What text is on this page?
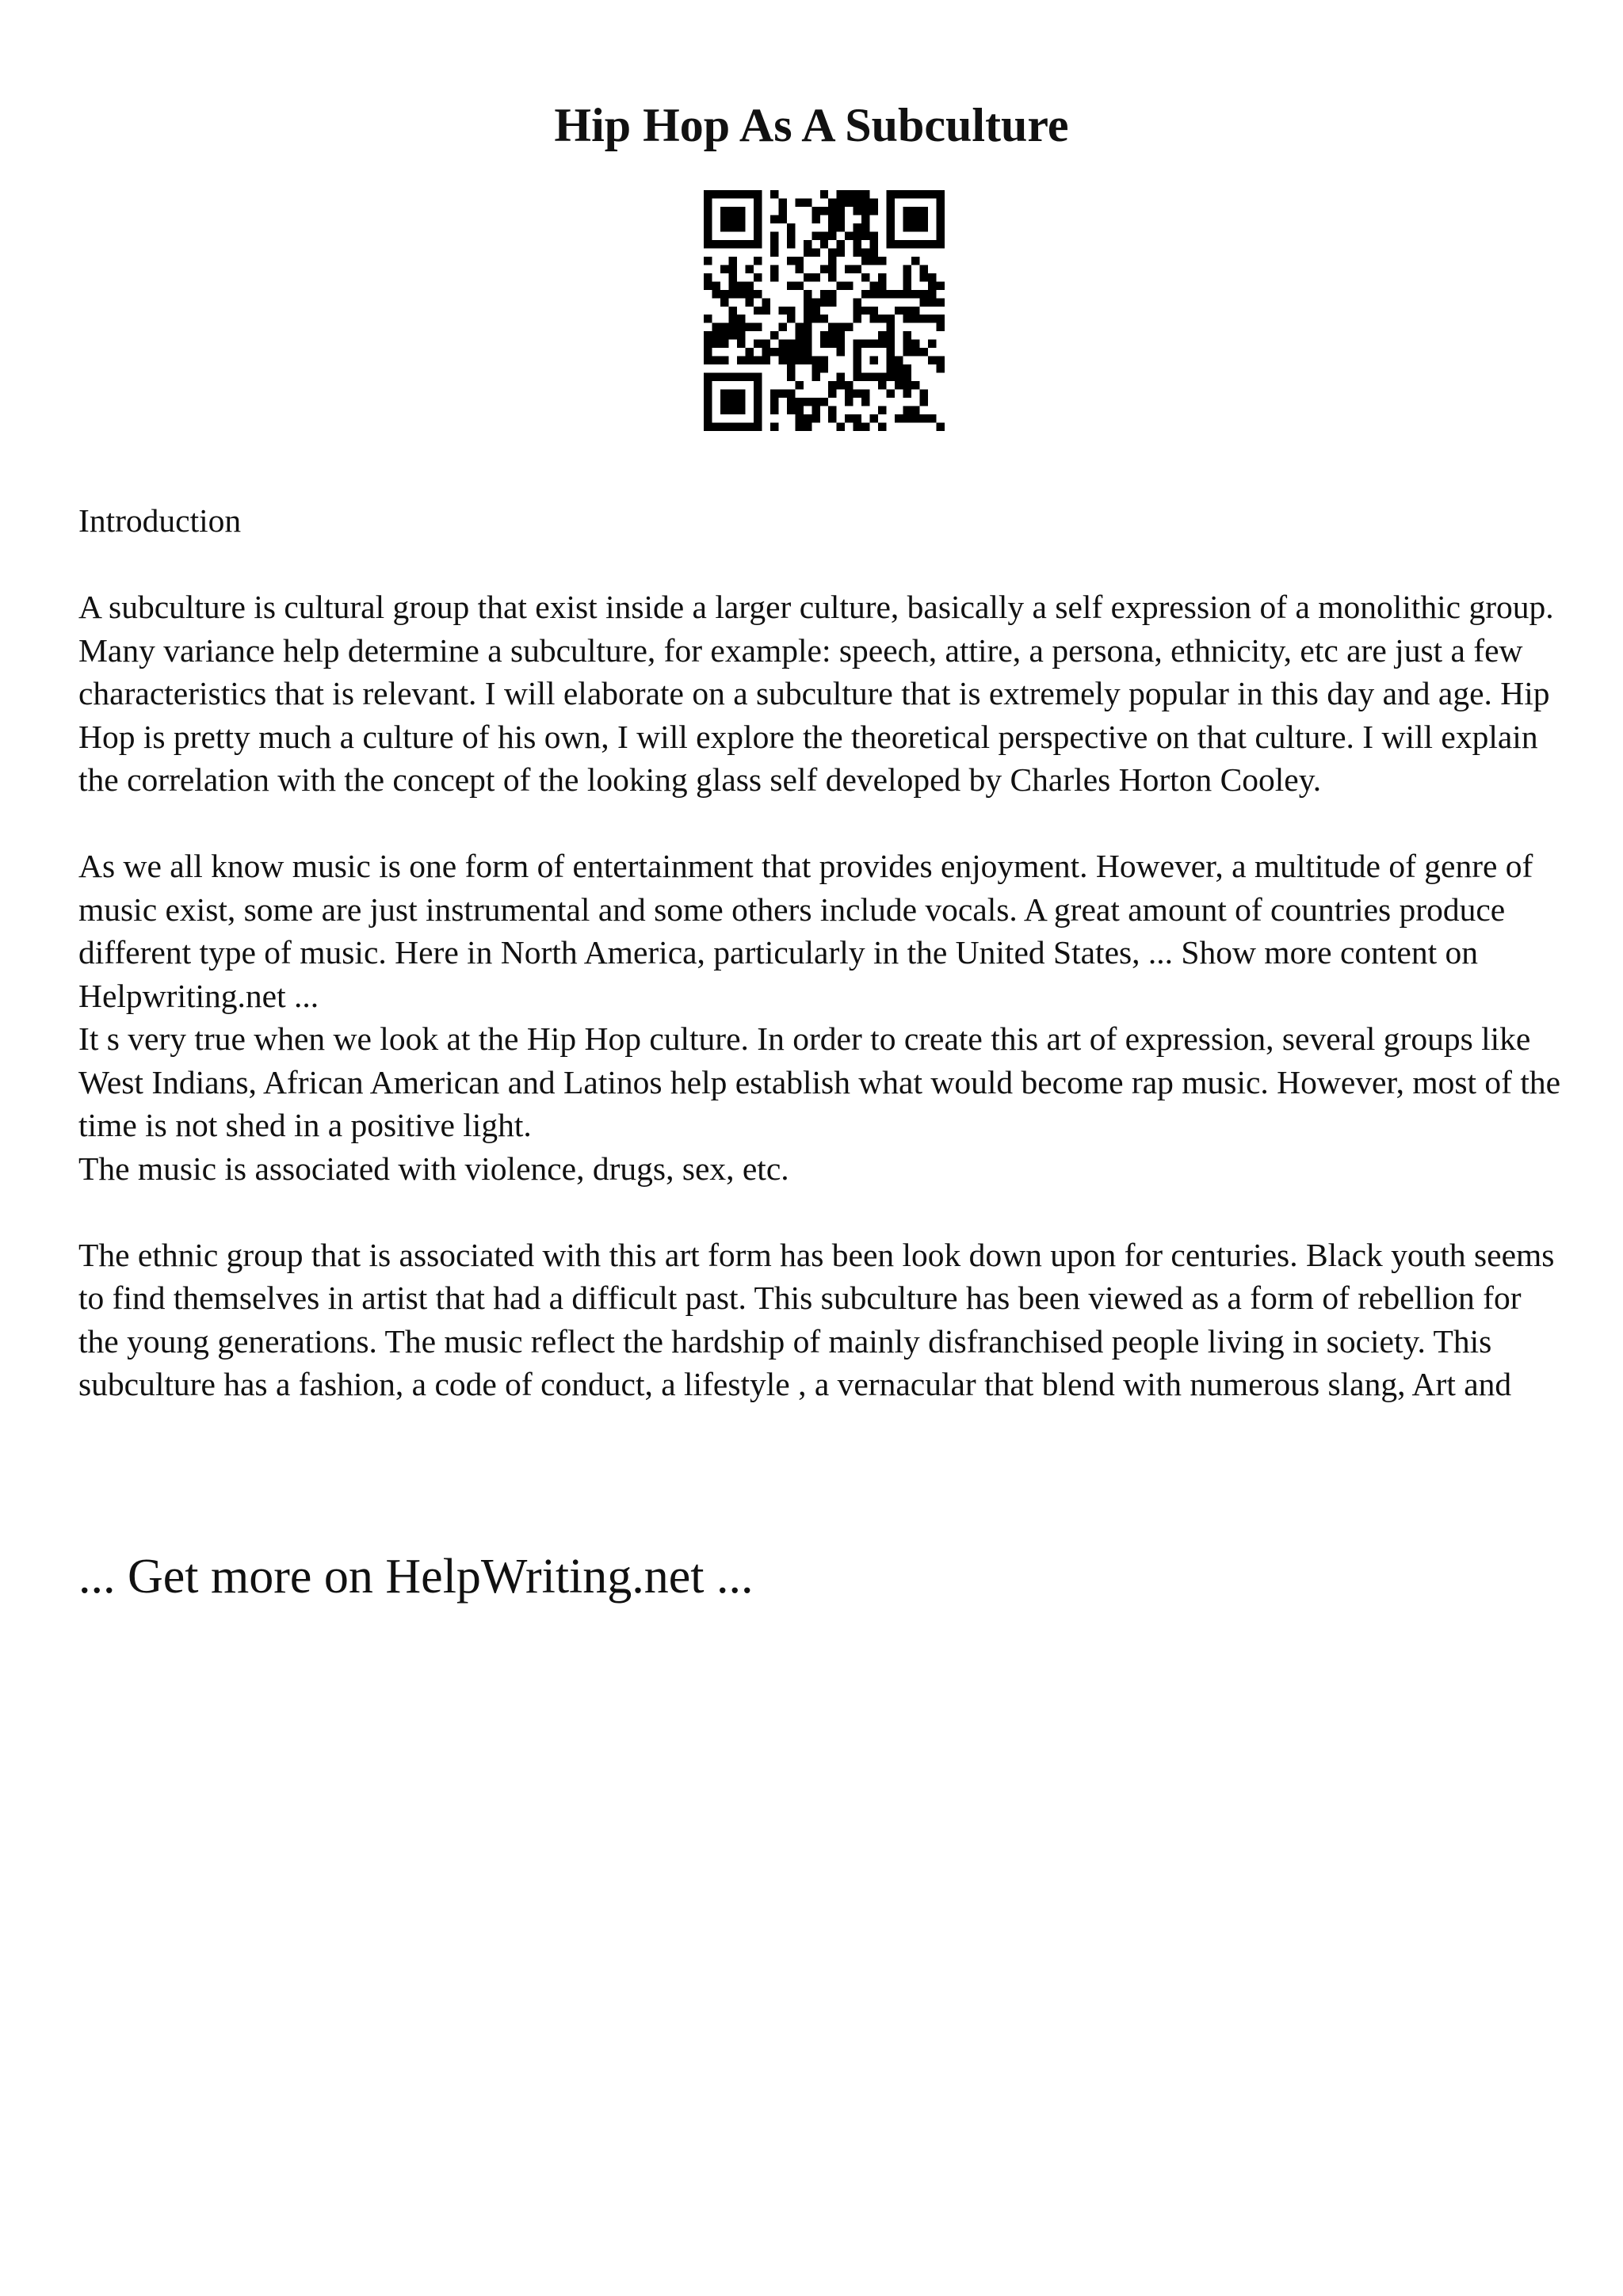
Hip Hop As A Subculture

Introduction

A subculture is cultural group that exist inside a larger culture, basically a self expression of a monolithic group. Many variance help determine a subculture, for example: speech, attire, a persona, ethnicity, etc are just a few characteristics that is relevant. I will elaborate on a subculture that is extremely popular in this day and age. Hip Hop is pretty much a culture of his own, I will explore the theoretical perspective on that culture. I will explain the correlation with the concept of the looking glass self developed by Charles Horton Cooley.

As we all know music is one form of entertainment that provides enjoyment. However, a multitude of genre of music exist, some are just instrumental and some others include vocals. A great amount of countries produce different type of music. Here in North America, particularly in the United States, ... Show more content on Helpwriting.net ...

It s very true when we look at the Hip Hop culture. In order to create this art of expression, several groups like West Indians, African American and Latinos help establish what would become rap music. However, most of the time is not shed in a positive light.

The music is associated with violence, drugs, sex, etc.

The ethnic group that is associated with this art form has been look down upon for centuries. Black youth seems to find themselves in artist that had a difficult past. This subculture has been viewed as a form of rebellion for the young generations. The music reflect the hardship of mainly disfranchised people living in society. This subculture has a fashion, a code of conduct, a lifestyle , a vernacular that blend with numerous slang, Art and

... Get more on HelpWriting.net ...
